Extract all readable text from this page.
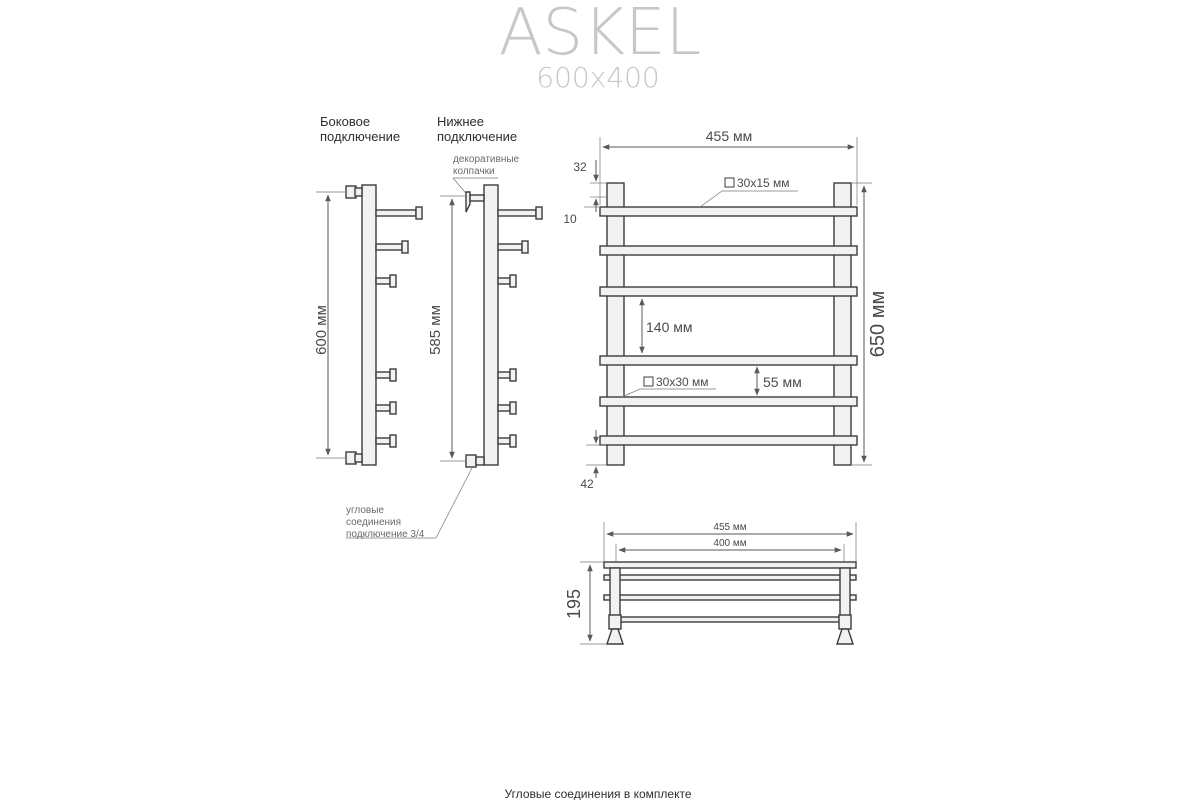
ASKEL
600x400
Боковое
подключение
600 мм
Нижнее
подключение
декоративные
колпачки
585 мм
угловые
соединения
подключение 3/4
455 мм
650 мм
32
10
42
30x15 мм
140 мм
30x30 мм	55 мм
455 мм
400 мм
195
Угловые соединения в комплекте
